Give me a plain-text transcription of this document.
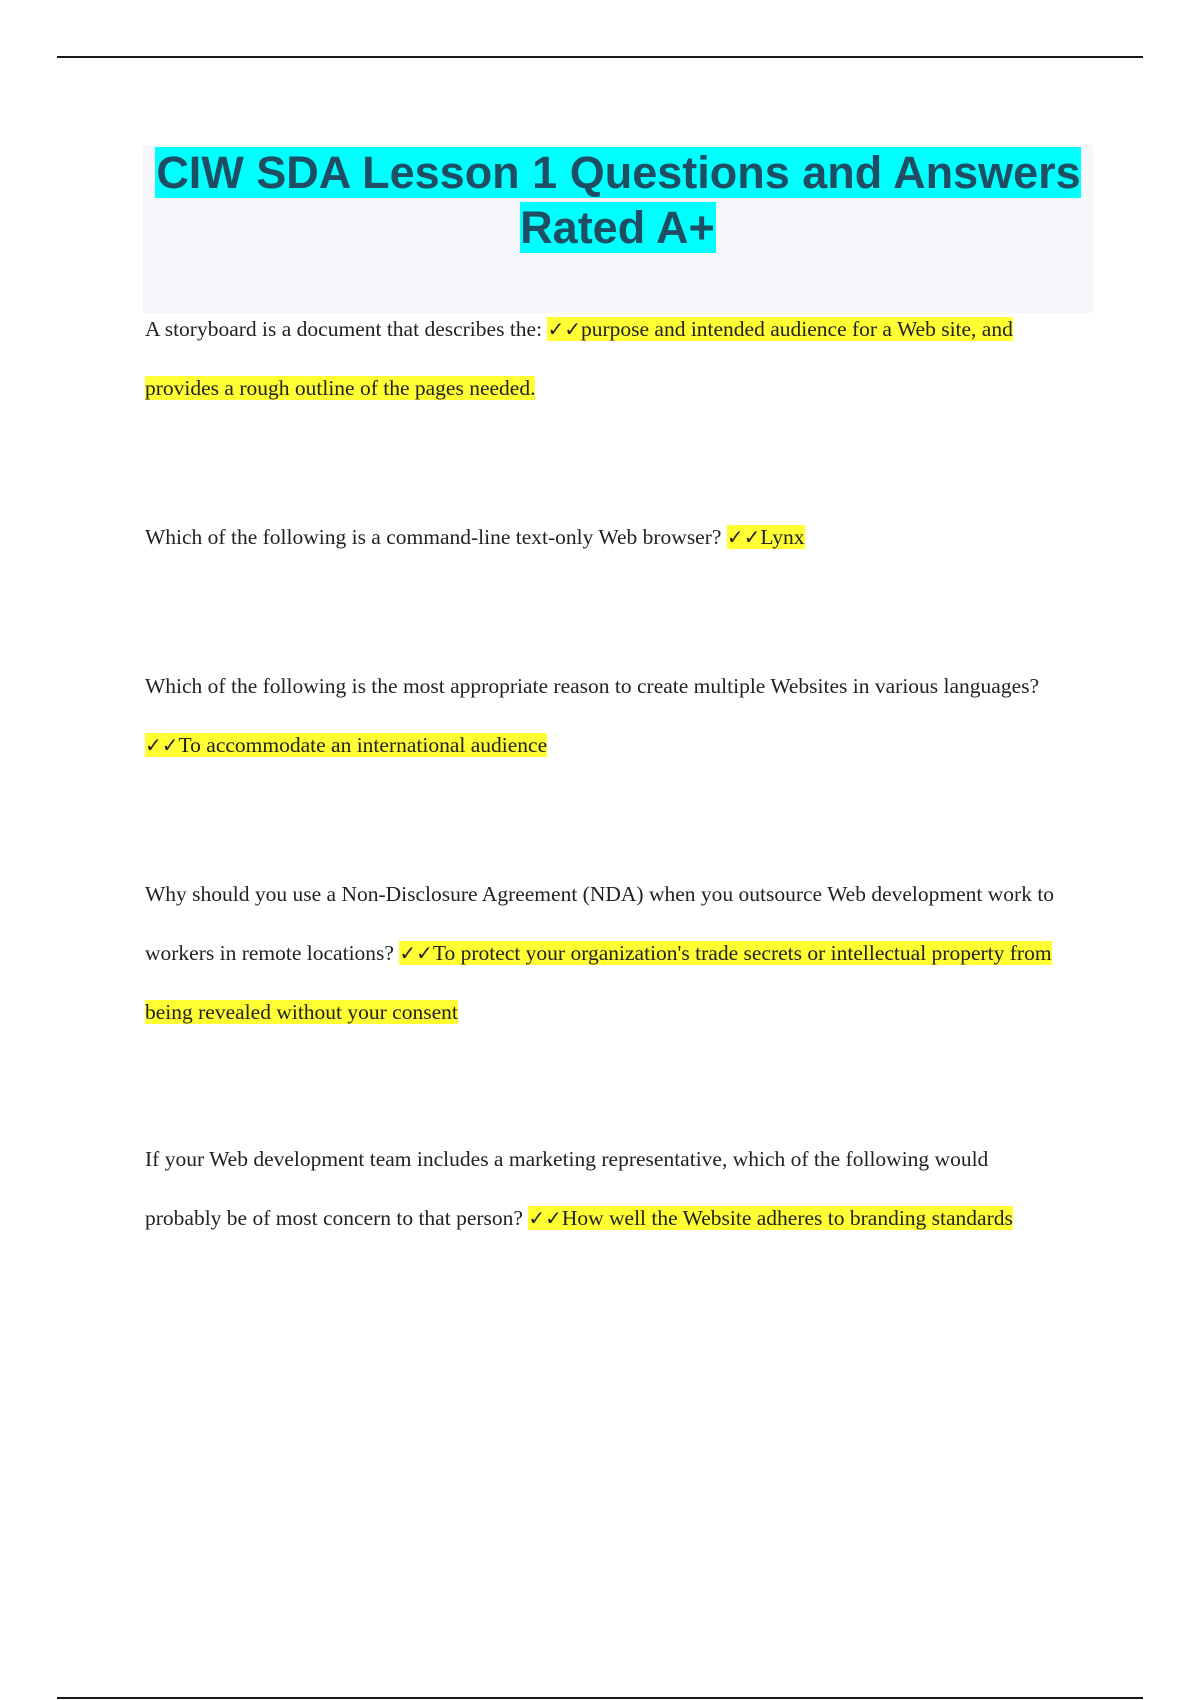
CIW SDA Lesson 1 Questions and Answers Rated A+

A storyboard is a document that describes the: ✓✓purpose and intended audience for a Web site, and provides a rough outline of the pages needed.

Which of the following is a command-line text-only Web browser? ✓✓Lynx

Which of the following is the most appropriate reason to create multiple Websites in various languages? ✓✓To accommodate an international audience

Why should you use a Non-Disclosure Agreement (NDA) when you outsource Web development work to workers in remote locations? ✓✓To protect your organization's trade secrets or intellectual property from being revealed without your consent

If your Web development team includes a marketing representative, which of the following would probably be of most concern to that person? ✓✓How well the Website adheres to branding standards
